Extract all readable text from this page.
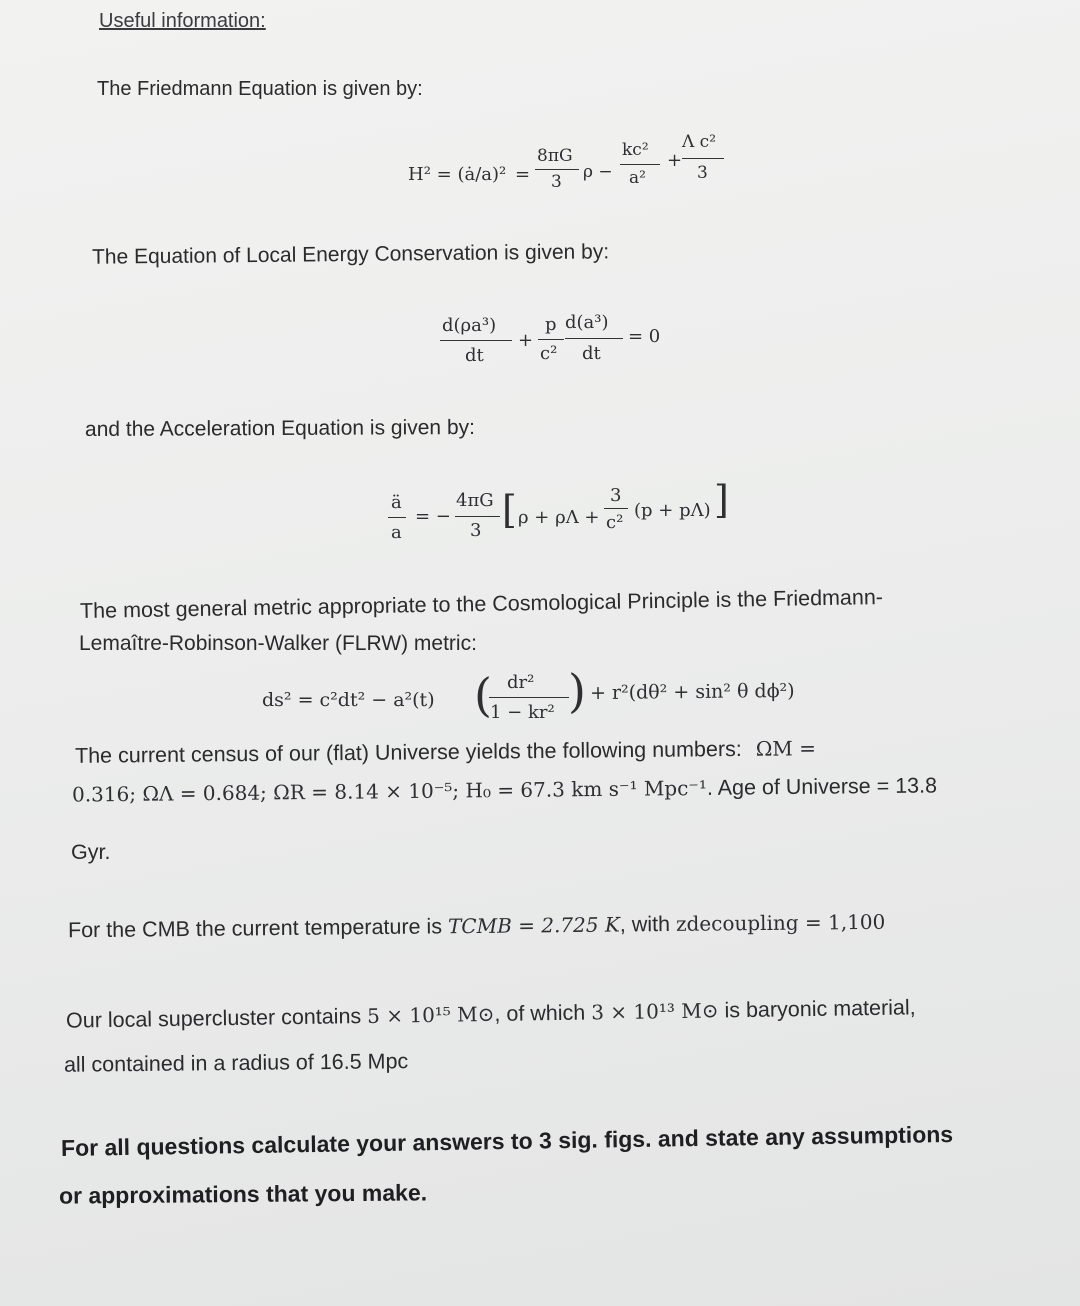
Useful information:
The Friedmann Equation is given by:
H² = (ȧ/a)² =
8πG
3 ρ −
kc²
a²
+
Λ c²
3
The Equation of Local Energy Conservation is given by:
d(ρa³)
dt
+
p
c²
d(a³)
dt
= 0
and the Acceleration Equation is given by:
ä
a
= −
4πG
3 [ ρ + ρΛ +
3
c²
(p + pΛ) ]
The most general metric appropriate to the Cosmological Principle is the Friedmann-
Lemaître-Robinson-Walker (FLRW) metric:
ds² = c²dt² − a²(t) ( dr²
1 − kr² ) + r²(dθ² + sin² θ dϕ²)
The current census of our (flat) Universe yields the following numbers: ΩM =
0.316; ΩΛ = 0.684; ΩR = 8.14 × 10⁻⁵; H₀ = 67.3 km s⁻¹ Mpc⁻¹. Age of Universe = 13.8
Gyr.
For the CMB the current temperature is TCMB = 2.725 K, with zdecoupling = 1,100
Our local supercluster contains 5 × 10¹⁵ M⊙, of which 3 × 10¹³ M⊙ is baryonic material,
all contained in a radius of 16.5 Mpc
For all questions calculate your answers to 3 sig. figs. and state any assumptions
or approximations that you make.
